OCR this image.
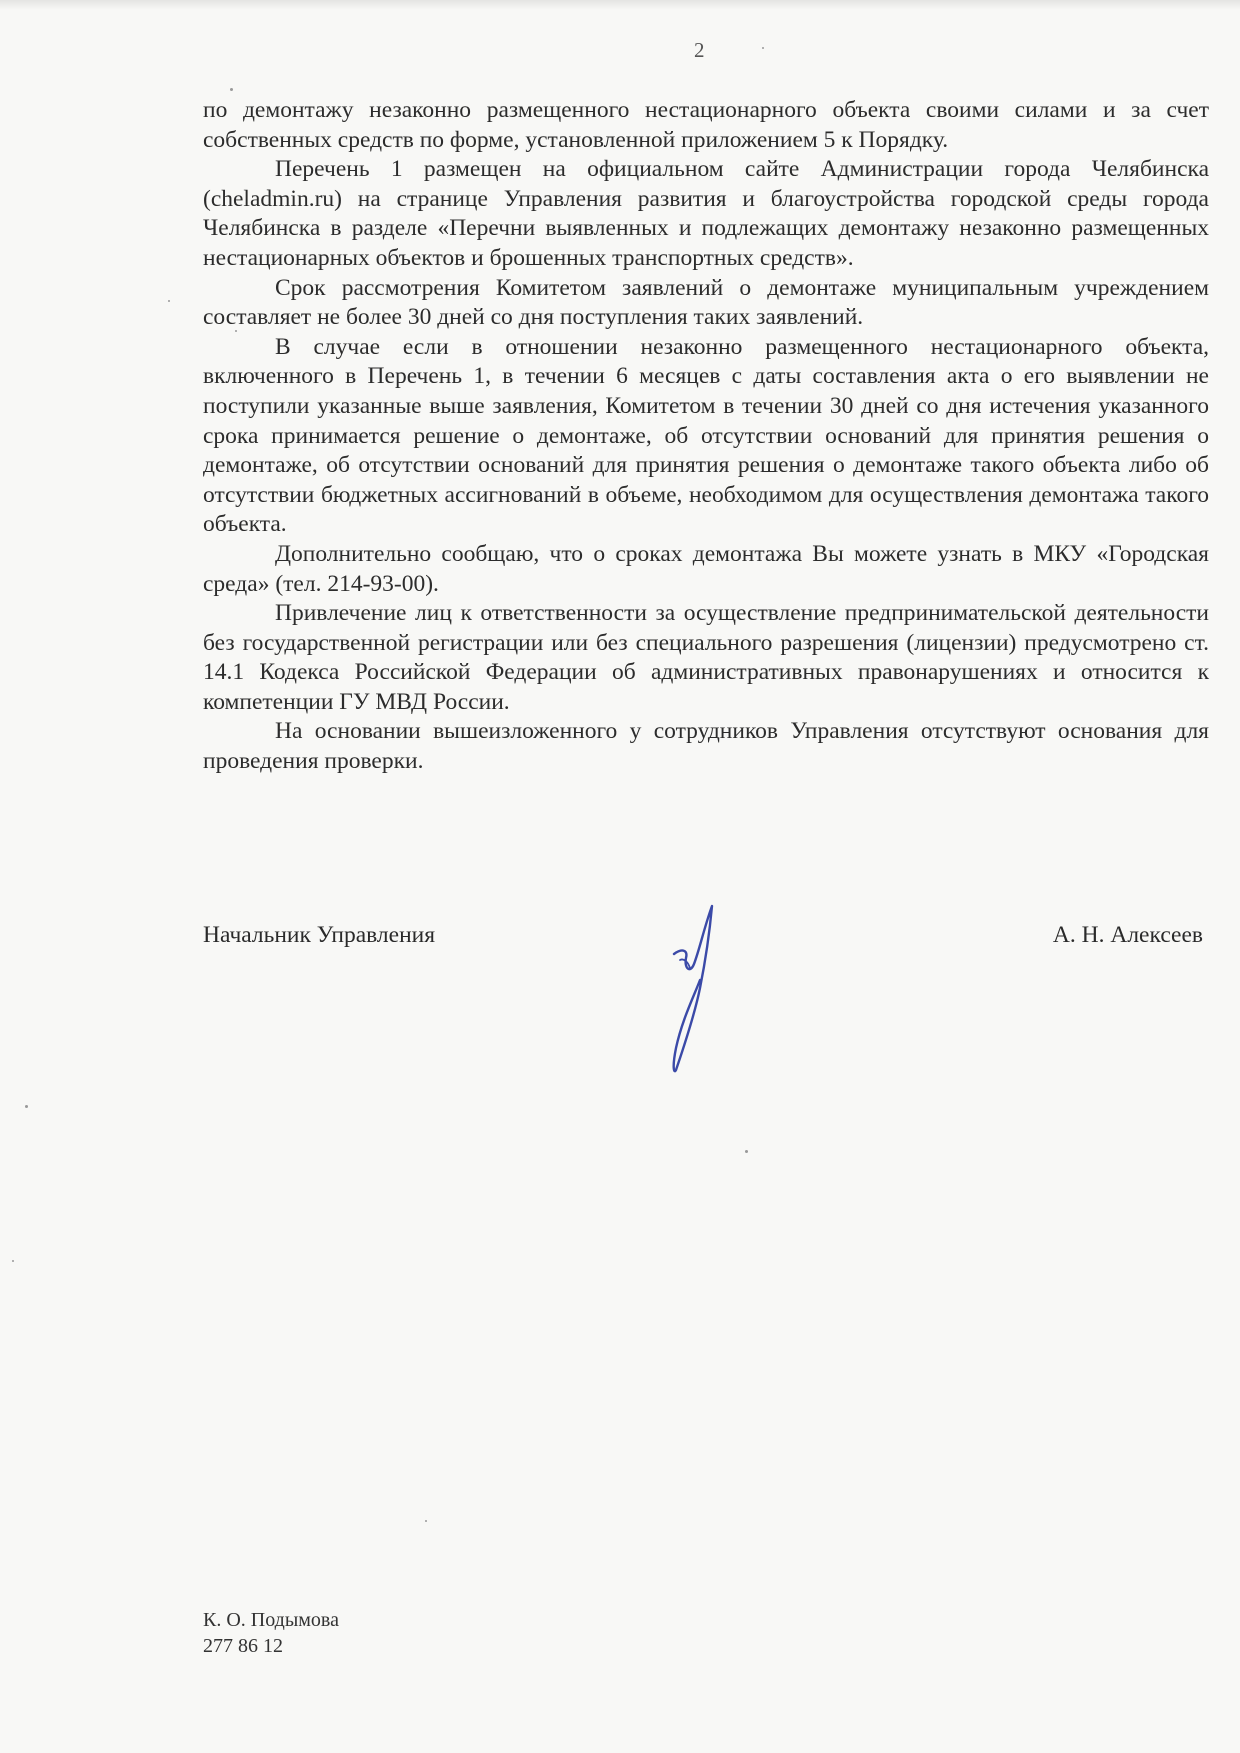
2

по демонтажу незаконно размещенного нестационарного объекта своими силами и за счет собственных средств по форме, установленной приложением 5 к Порядку.

Перечень 1 размещен на официальном сайте Администрации города Челябинска (cheladmin.ru) на странице Управления развития и благоустройства городской среды города Челябинска в разделе «Перечни выявленных и подлежащих демонтажу незаконно размещенных нестационарных объектов и брошенных транспортных средств».

Срок рассмотрения Комитетом заявлений о демонтаже муниципальным учреждением составляет не более 30 дней со дня поступления таких заявлений.

В случае если в отношении незаконно размещенного нестационарного объекта, включенного в Перечень 1, в течении 6 месяцев с даты составления акта о его выявлении не поступили указанные выше заявления, Комитетом в течении 30 дней со дня истечения указанного срока принимается решение о демонтаже, об отсутствии оснований для принятия решения о демонтаже, об отсутствии оснований для принятия решения о демонтаже такого объекта либо об отсутствии бюджетных ассигнований в объеме, необходимом для осуществления демонтажа такого объекта.

Дополнительно сообщаю, что о сроках демонтажа Вы можете узнать в МКУ «Городская среда» (тел. 214-93-00).

Привлечение лиц к ответственности за осуществление предпринимательской деятельности без государственной регистрации или без специального разрешения (лицензии) предусмотрено ст. 14.1 Кодекса Российской Федерации об административных правонарушениях и относится к компетенции ГУ МВД России.

На основании вышеизложенного у сотрудников Управления отсутствуют основания для проведения проверки.

Начальник Управления	А. Н. Алексеев
К. О. Подымова
277 86 12
